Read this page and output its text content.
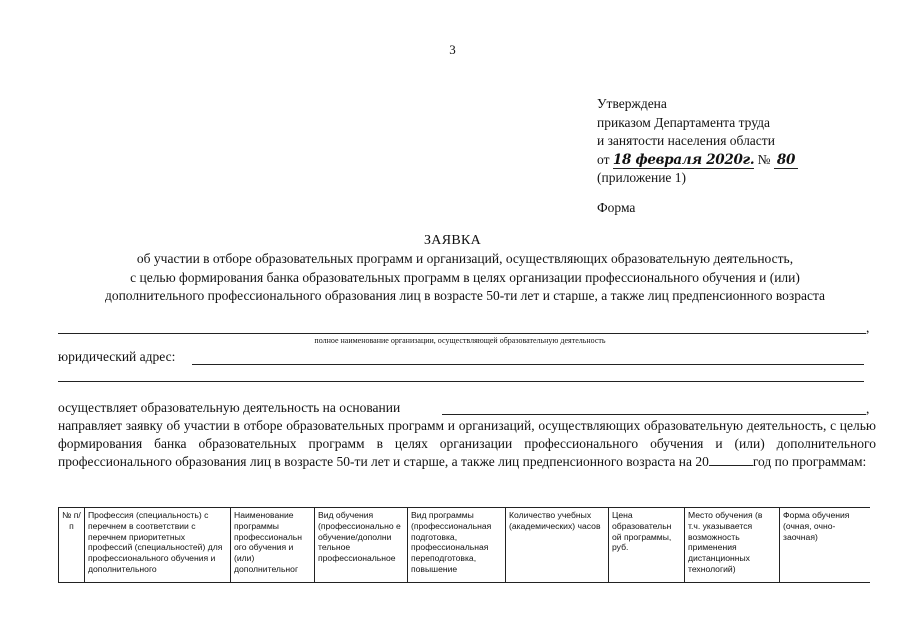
3
Утверждена
приказом Департамента труда
и занятости населения области
от 18 февраля 2020г. № 80
(приложение 1)
Форма
ЗАЯВКА
об участии в отборе образовательных программ и организаций, осуществляющих образовательную деятельность,
с целью формирования банка образовательных программ в целях организации профессионального обучения и (или)
дополнительного профессионального образования лиц в возрасте 50-ти лет и старше, а также лиц предпенсионного возраста
,
полное наименование организации, осуществляющей образовательную деятельность
юридический адрес:
осуществляет образовательную деятельность на основании	,
направляет заявку об участии в отборе образовательных программ и организаций, осуществляющих образовательную деятельность, с целью формирования банка образовательных программ в целях организации профессионального обучения и (или) дополнительного профессионального образования лиц в возрасте 50-ти лет и старше, а также лиц предпенсионного возраста на 20	год по программам:
№ п/п	Профессия (специальность) с перечнем в соответствии с перечнем приоритетных профессий (специальностей) для профессионального обучения и дополнительного	Наименование программы профессиональн ого обучения и (или) дополнительног	Вид обучения (профессионально е обучение/дополни тельное профессиональное	Вид программы (профессиональная подготовка, профессиональная переподготовка, повышение	Количество учебных (академических) часов	Цена образовательн ой программы, руб.	Место обучения (в т.ч. указывается возможность применения дистанционных технологий)	Форма обучения (очная, очно-заочная)
